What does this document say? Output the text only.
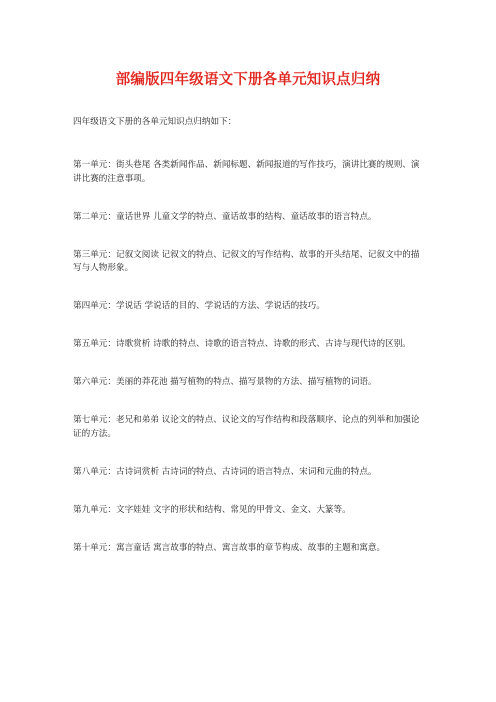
部编版四年级语文下册各单元知识点归纳
四年级语文下册的各单元知识点归纳如下：

第一单元：街头巷尾 各类新闻作品、新闻标题、新闻报道的写作技巧，演讲比赛的规则、演讲比赛的注意事项。

第二单元：童话世界 儿童文学的特点、童话故事的结构、童话故事的语言特点。

第三单元：记叙文阅读 记叙文的特点、记叙文的写作结构、故事的开头结尾、记叙文中的描写与人物形象。

第四单元：学说话 学说话的目的、学说话的方法、学说话的技巧。

第五单元：诗歌赏析 诗歌的特点、诗歌的语言特点、诗歌的形式、古诗与现代诗的区别。

第六单元：美丽的莽花池 描写植物的特点、描写景物的方法、描写植物的词语。

第七单元：老兄和弟弟 议论文的特点、议论文的写作结构和段落顺序、论点的列举和加强论证的方法。

第八单元：古诗词赏析 古诗词的特点、古诗词的语言特点、宋词和元曲的特点。

第九单元：文字娃娃 文字的形状和结构、常见的甲骨文、金文、大篆等。

第十单元：寓言童话 寓言故事的特点、寓言故事的章节构成、故事的主题和寓意。
